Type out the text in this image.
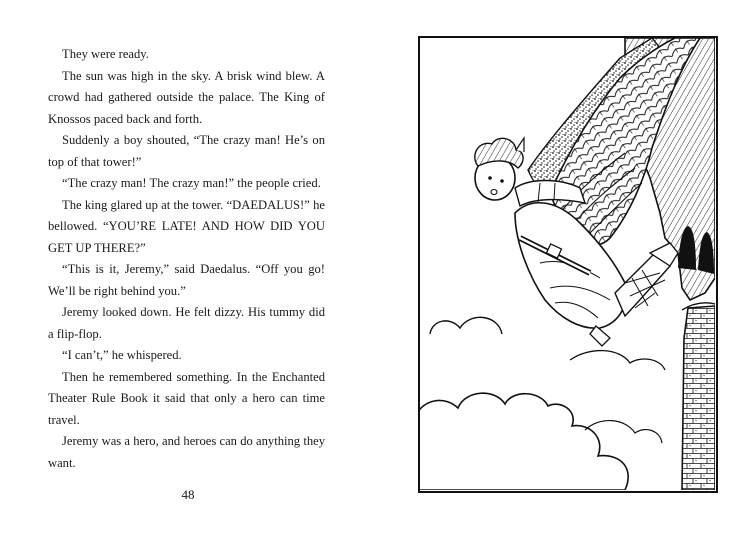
They were ready.

The sun was high in the sky. A brisk wind blew. A crowd had gathered outside the palace. The King of Knossos paced back and forth.

Suddenly a boy shouted, “The crazy man! He’s on top of that tower!”

“The crazy man! The crazy man!” the people cried.

The king glared up at the tower. “DAEDALUS!” he bellowed. “YOU’RE LATE! AND HOW DID YOU GET UP THERE?”

“This is it, Jeremy,” said Daedalus. “Off you go! We’ll be right behind you.”

Jeremy looked down. He felt dizzy. His tummy did a flip-flop.

“I can’t,” he whispered.

Then he remembered something. In the Enchanted Theater Rule Book it said that only a hero can time travel.

Jeremy was a hero, and heroes can do anything they want.

48
